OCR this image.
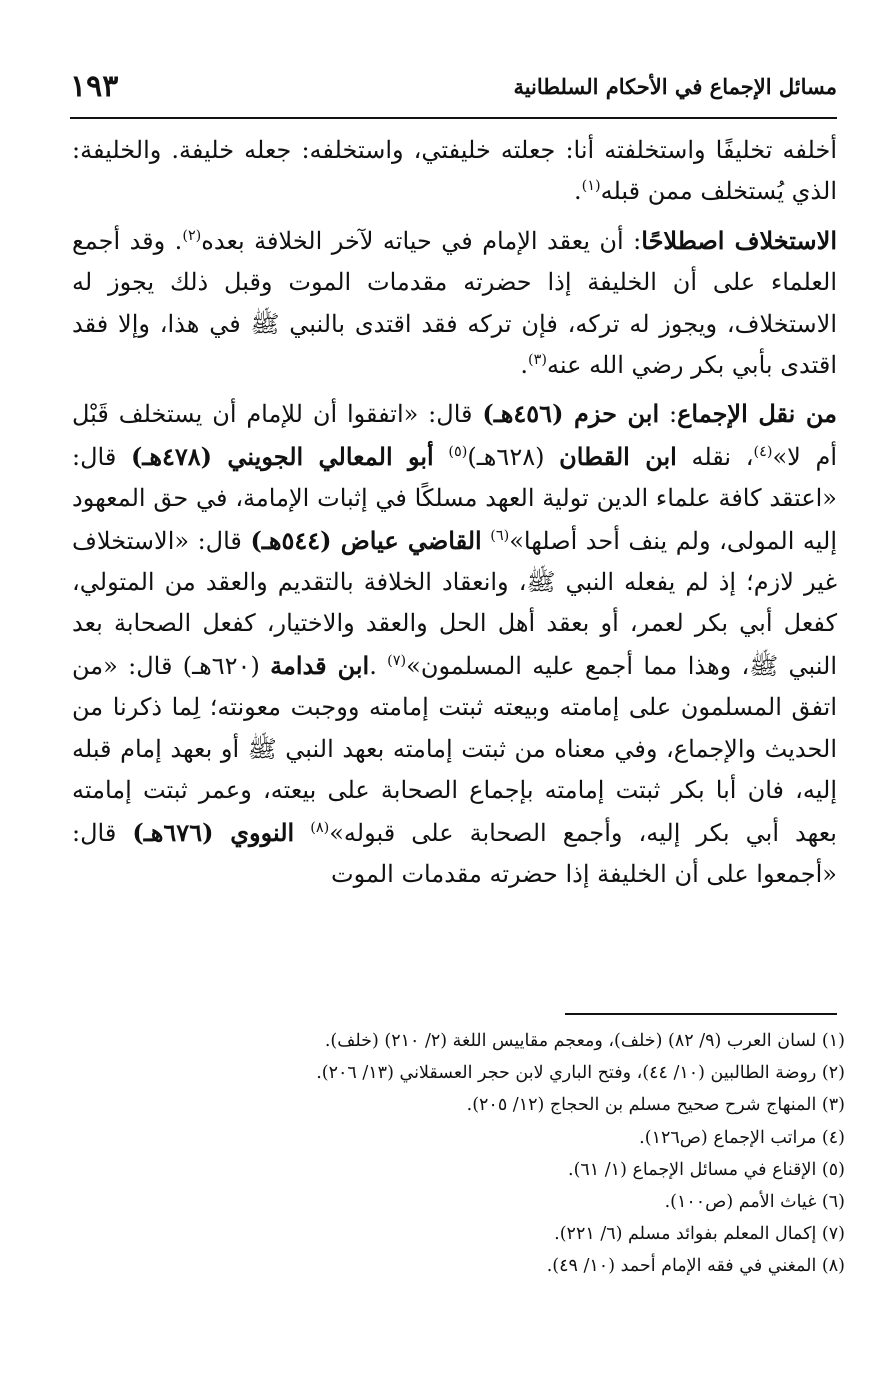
مسائل الإجماع في الأحكام السلطانية
١٩٣

أخلفه تخليفًا واستخلفته أنا: جعلته خليفتي، واستخلفه: جعله خليفة. والخليفة: الذي يُستخلف ممن قبله$^{(١)}$.

الاستخلاف اصطلاحًا: أن يعقد الإمام في حياته لآخر الخلافة بعده$^{(٢)}$. وقد أجمع العلماء على أن الخليفة إذا حضرته مقدمات الموت وقبل ذلك يجوز له الاستخلاف، ويجوز له تركه، فإن تركه فقد اقتدى بالنبي ﷺ في هذا، وإلا فقد اقتدى بأبي بكر رضي الله عنه$^{(٣)}$.

من نقل الإجماع: ابن حزم (٤٥٦هـ) قال: «اتفقوا أن للإمام أن يستخلف قَبْل أم لا»$^{(٤)}$، نقله ابن القطان (٦٢٨هـ)$^{(٥)}$ أبو المعالي الجويني (٤٧٨هـ) قال: «اعتقد كافة علماء الدين تولية العهد مسلكًا في إثبات الإمامة، في حق المعهود إليه المولى، ولم ينف أحد أصلها»$^{(٦)}$ القاضي عياض (٥٤٤هـ) قال: «الاستخلاف غير لازم؛ إذ لم يفعله النبي ﷺ، وانعقاد الخلافة بالتقديم والعقد من المتولي، كفعل أبي بكر لعمر، أو بعقد أهل الحل والعقد والاختيار، كفعل الصحابة بعد النبي ﷺ، وهذا مما أجمع عليه المسلمون»$^{(٧)}$ .ابن قدامة (٦٢٠هـ) قال: «من اتفق المسلمون على إمامته وبيعته ثبتت إمامته ووجبت معونته؛ لِما ذكرنا من الحديث والإجماع، وفي معناه من ثبتت إمامته بعهد النبي ﷺ أو بعهد إمام قبله إليه، فان أبا بكر ثبتت إمامته بإجماع الصحابة على بيعته، وعمر ثبتت إمامته بعهد أبي بكر إليه، وأجمع الصحابة على قبوله»$^{(٨)}$ النووي (٦٧٦هـ) قال: «أجمعوا على أن الخليفة إذا حضرته مقدمات الموت

(١) لسان العرب (٩/ ٨٢) (خلف)، ومعجم مقاييس اللغة (٢/ ٢١٠) (خلف).
(٢) روضة الطالبين (١٠/ ٤٤)، وفتح الباري لابن حجر العسقلاني (١٣/ ٢٠٦).
(٣) المنهاج شرح صحيح مسلم بن الحجاج (١٢/ ٢٠٥).
(٤) مراتب الإجماع (ص١٢٦).
(٥) الإقناع في مسائل الإجماع (١/ ٦١).
(٦) غياث الأمم (ص١٠٠).
(٧) إكمال المعلم بفوائد مسلم (٦/ ٢٢١).
(٨) المغني في فقه الإمام أحمد (١٠/ ٤٩).
